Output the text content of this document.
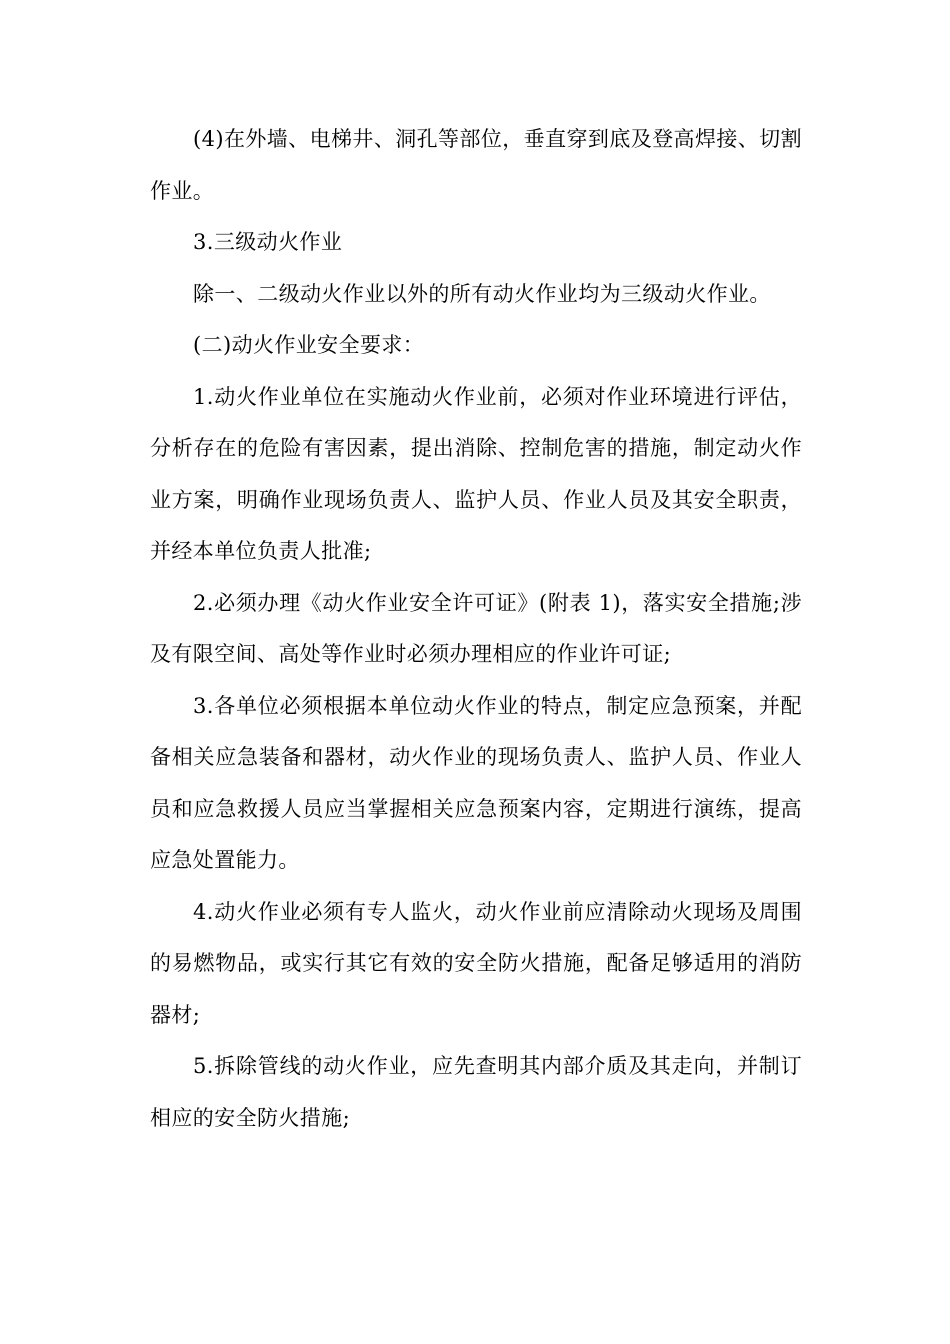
(4)在外墙、电梯井、洞孔等部位，垂直穿到底及登高焊接、切割作业。

3.三级动火作业

除一、二级动火作业以外的所有动火作业均为三级动火作业。

(二)动火作业安全要求：

1.动火作业单位在实施动火作业前，必须对作业环境进行评估，分析存在的危险有害因素，提出消除、控制危害的措施，制定动火作业方案，明确作业现场负责人、监护人员、作业人员及其安全职责，并经本单位负责人批准;

2.必须办理《动火作业安全许可证》(附表 1)，落实安全措施;涉及有限空间、高处等作业时必须办理相应的作业许可证;

3.各单位必须根据本单位动火作业的特点，制定应急预案，并配备相关应急装备和器材，动火作业的现场负责人、监护人员、作业人员和应急救援人员应当掌握相关应急预案内容，定期进行演练，提高应急处置能力。

4.动火作业必须有专人监火，动火作业前应清除动火现场及周围的易燃物品，或实行其它有效的安全防火措施，配备足够适用的消防器材;

5.拆除管线的动火作业，应先查明其内部介质及其走向，并制订相应的安全防火措施;
